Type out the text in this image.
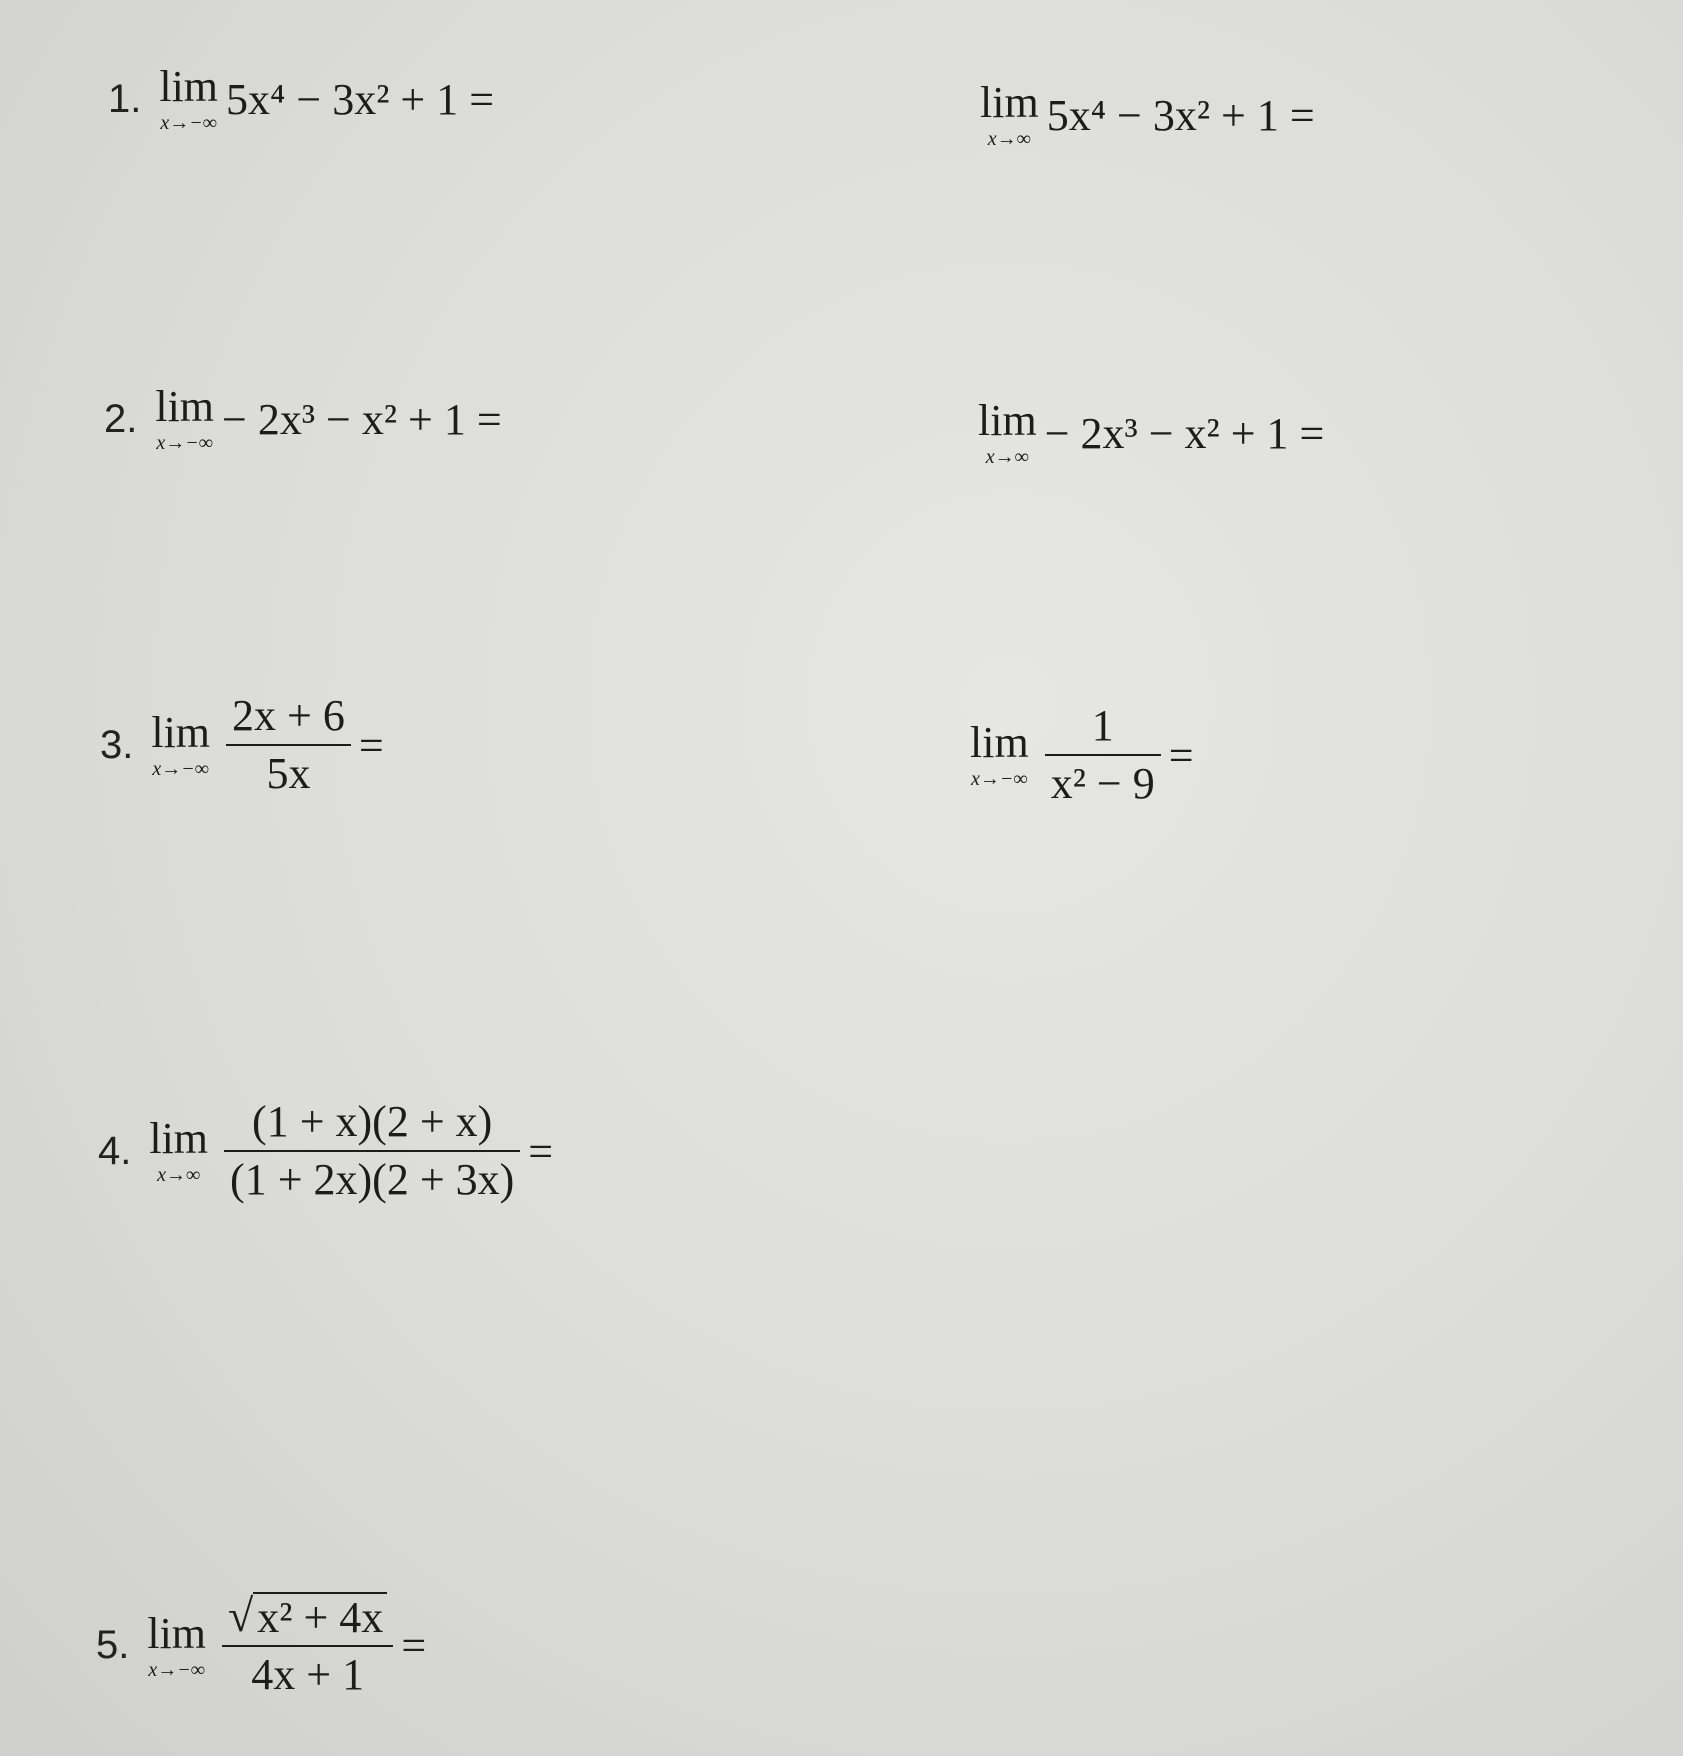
1. lim
x→−∞ 5x⁴ − 3x² + 1 =	lim
x→∞ 5x⁴ − 3x² + 1 =
2. lim
x→−∞ − 2x³ − x² + 1 =	lim
x→∞ − 2x³ − x² + 1 =
3. lim
$x\to-\infty \frac{2x + 6}{5x}$ =	lim
$x\to-\infty \frac{1}{\text{x² − 9}}$ =
4. lim
$x\to\infty \frac{(1 + x)(2 + x)}{(1 + 2x)(2 + 3x)}$ =
5. lim
$x\to-\infty \frac{\text{√ x² + 4x}}{4x + 1}$ =
